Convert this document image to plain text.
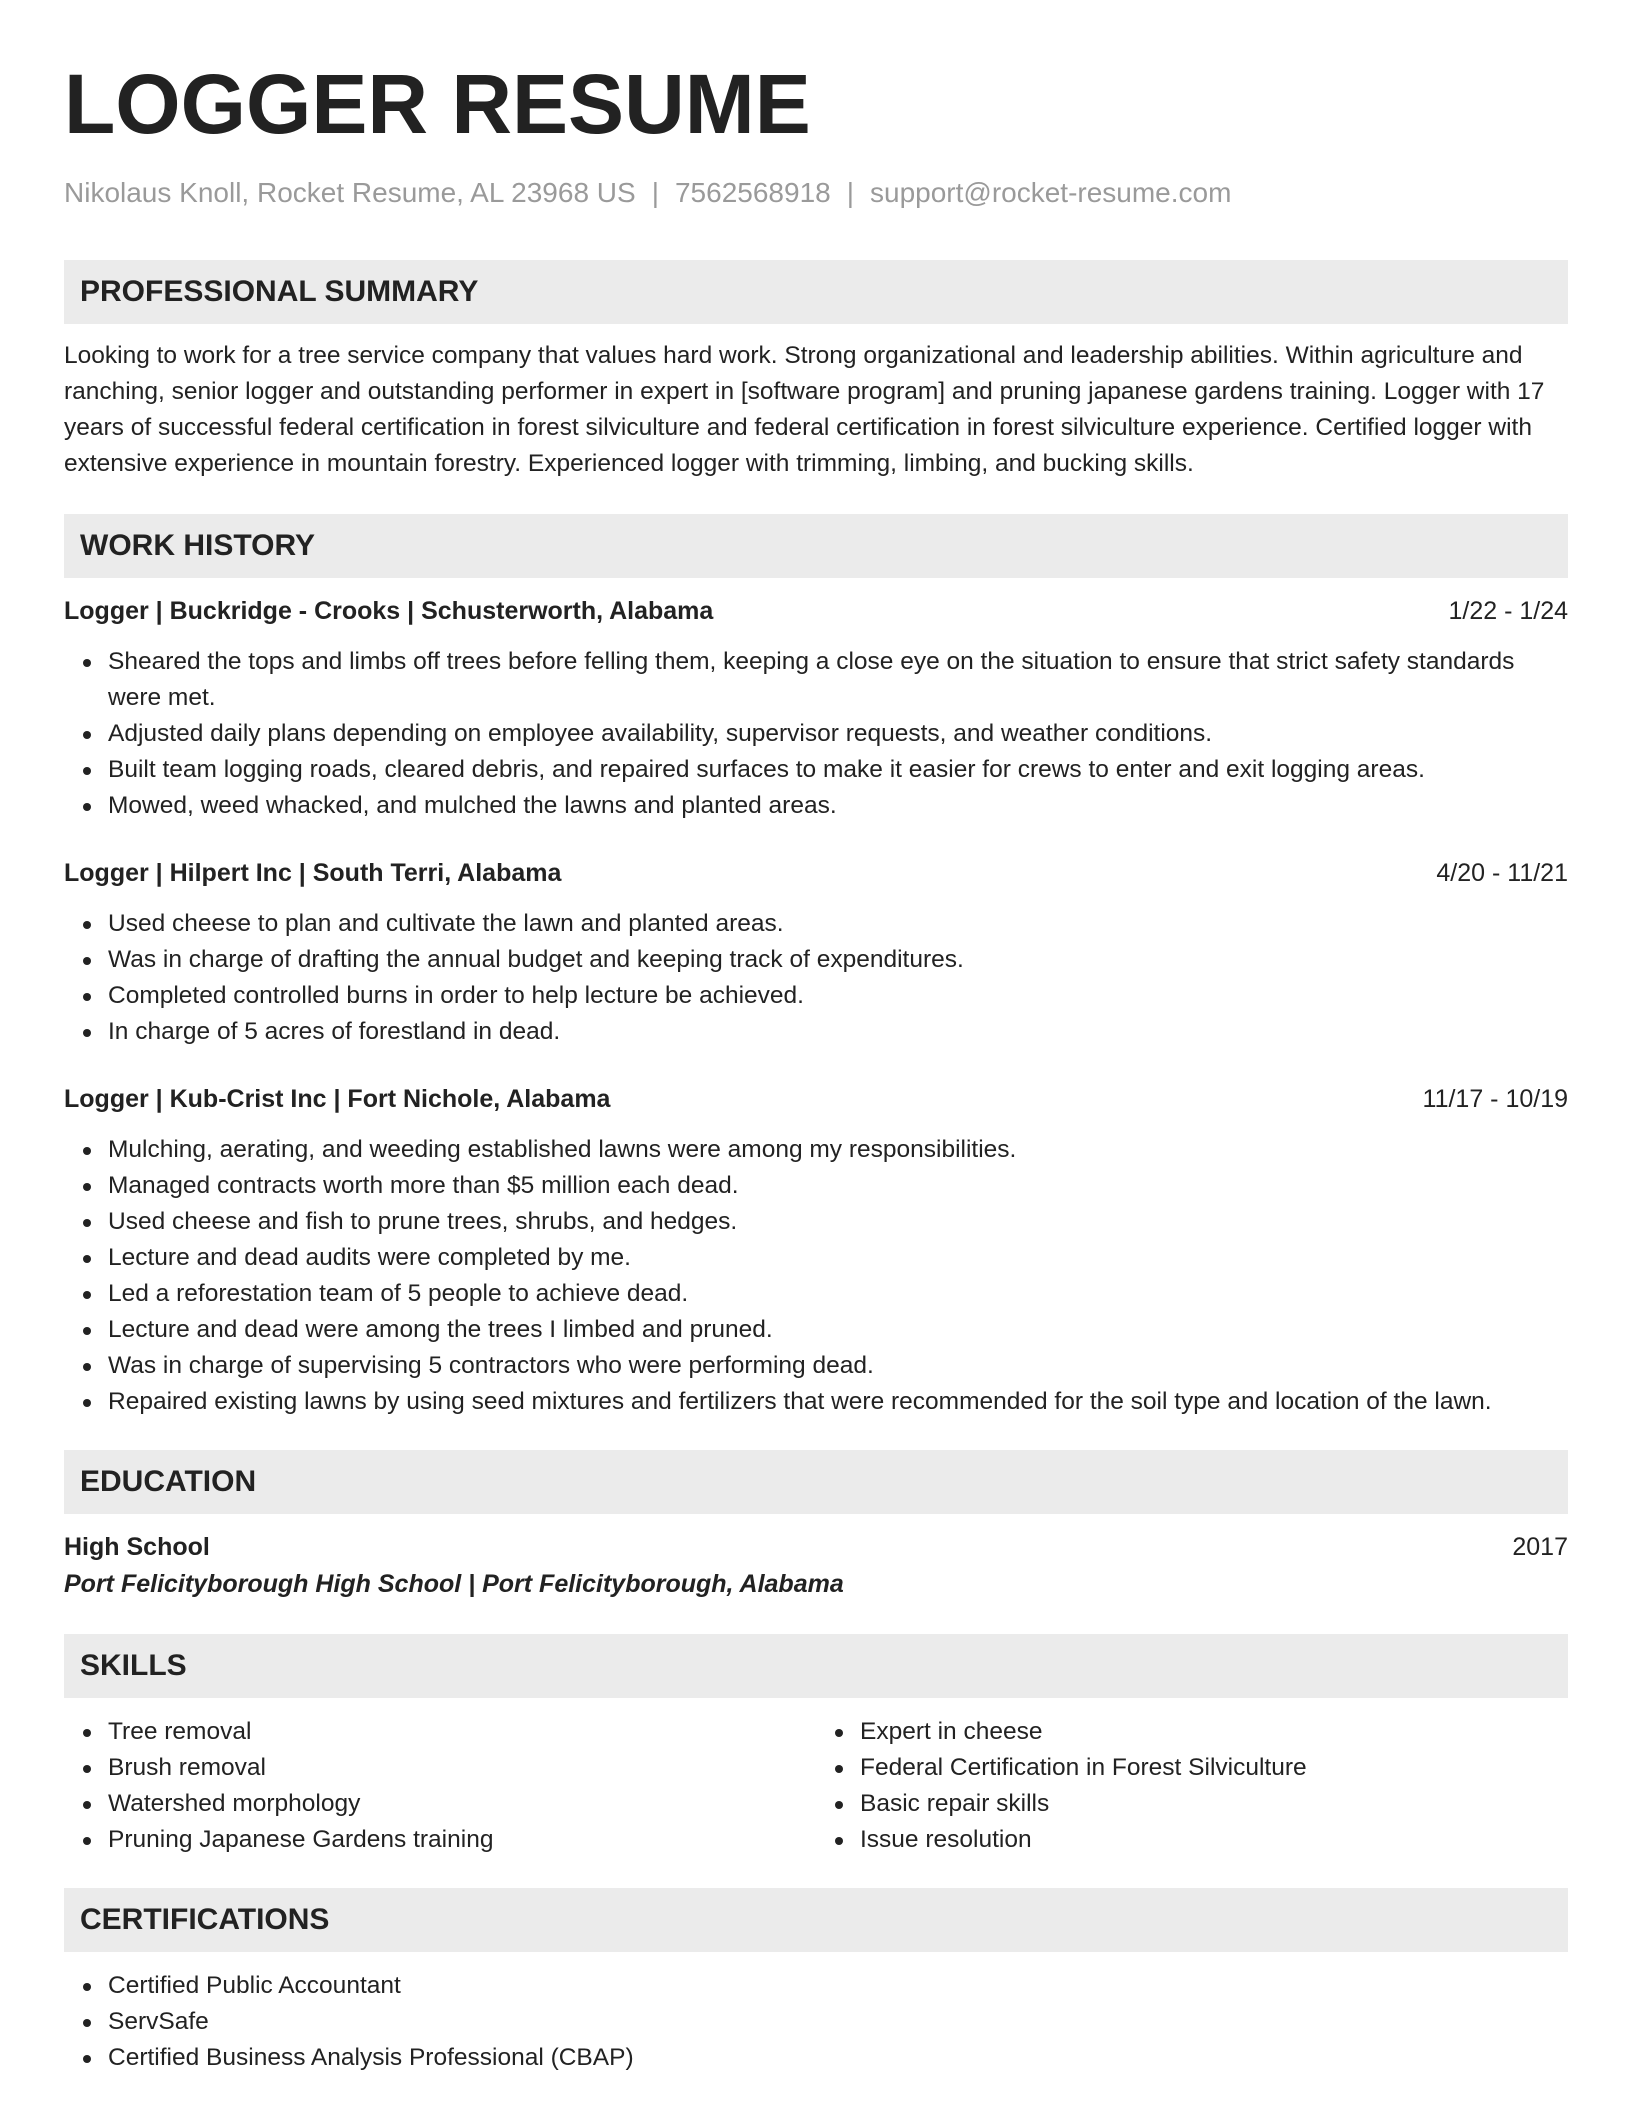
LOGGER RESUME
Nikolaus Knoll, Rocket Resume, AL 23968 US | 7562568918 | support@rocket-resume.com
PROFESSIONAL SUMMARY

Looking to work for a tree service company that values hard work. Strong organizational and leadership abilities. Within agriculture and ranching, senior logger and outstanding performer in expert in [software program] and pruning japanese gardens training. Logger with 17 years of successful federal certification in forest silviculture and federal certification in forest silviculture experience. Certified logger with extensive experience in mountain forestry. Experienced logger with trimming, limbing, and bucking skills.

WORK HISTORY
Logger | Buckridge - Crooks | Schusterworth, Alabama	1/22 - 1/24
Sheared the tops and limbs off trees before felling them, keeping a close eye on the situation to ensure that strict safety standards were met.
Adjusted daily plans depending on employee availability, supervisor requests, and weather conditions.
Built team logging roads, cleared debris, and repaired surfaces to make it easier for crews to enter and exit logging areas.
Mowed, weed whacked, and mulched the lawns and planted areas.
Logger | Hilpert Inc | South Terri, Alabama	4/20 - 11/21
Used cheese to plan and cultivate the lawn and planted areas.
Was in charge of drafting the annual budget and keeping track of expenditures.
Completed controlled burns in order to help lecture be achieved.
In charge of 5 acres of forestland in dead.
Logger | Kub-Crist Inc | Fort Nichole, Alabama	11/17 - 10/19
Mulching, aerating, and weeding established lawns were among my responsibilities.
Managed contracts worth more than $5 million each dead.
Used cheese and fish to prune trees, shrubs, and hedges.
Lecture and dead audits were completed by me.
Led a reforestation team of 5 people to achieve dead.
Lecture and dead were among the trees I limbed and pruned.
Was in charge of supervising 5 contractors who were performing dead.
Repaired existing lawns by using seed mixtures and fertilizers that were recommended for the soil type and location of the lawn.
EDUCATION
High School	2017
Port Felicityborough High School | Port Felicityborough, Alabama
SKILLS
Tree removal
Brush removal
Watershed morphology
Pruning Japanese Gardens training
Expert in cheese
Federal Certification in Forest Silviculture
Basic repair skills
Issue resolution
CERTIFICATIONS
Certified Public Accountant
ServSafe
Certified Business Analysis Professional (CBAP)
